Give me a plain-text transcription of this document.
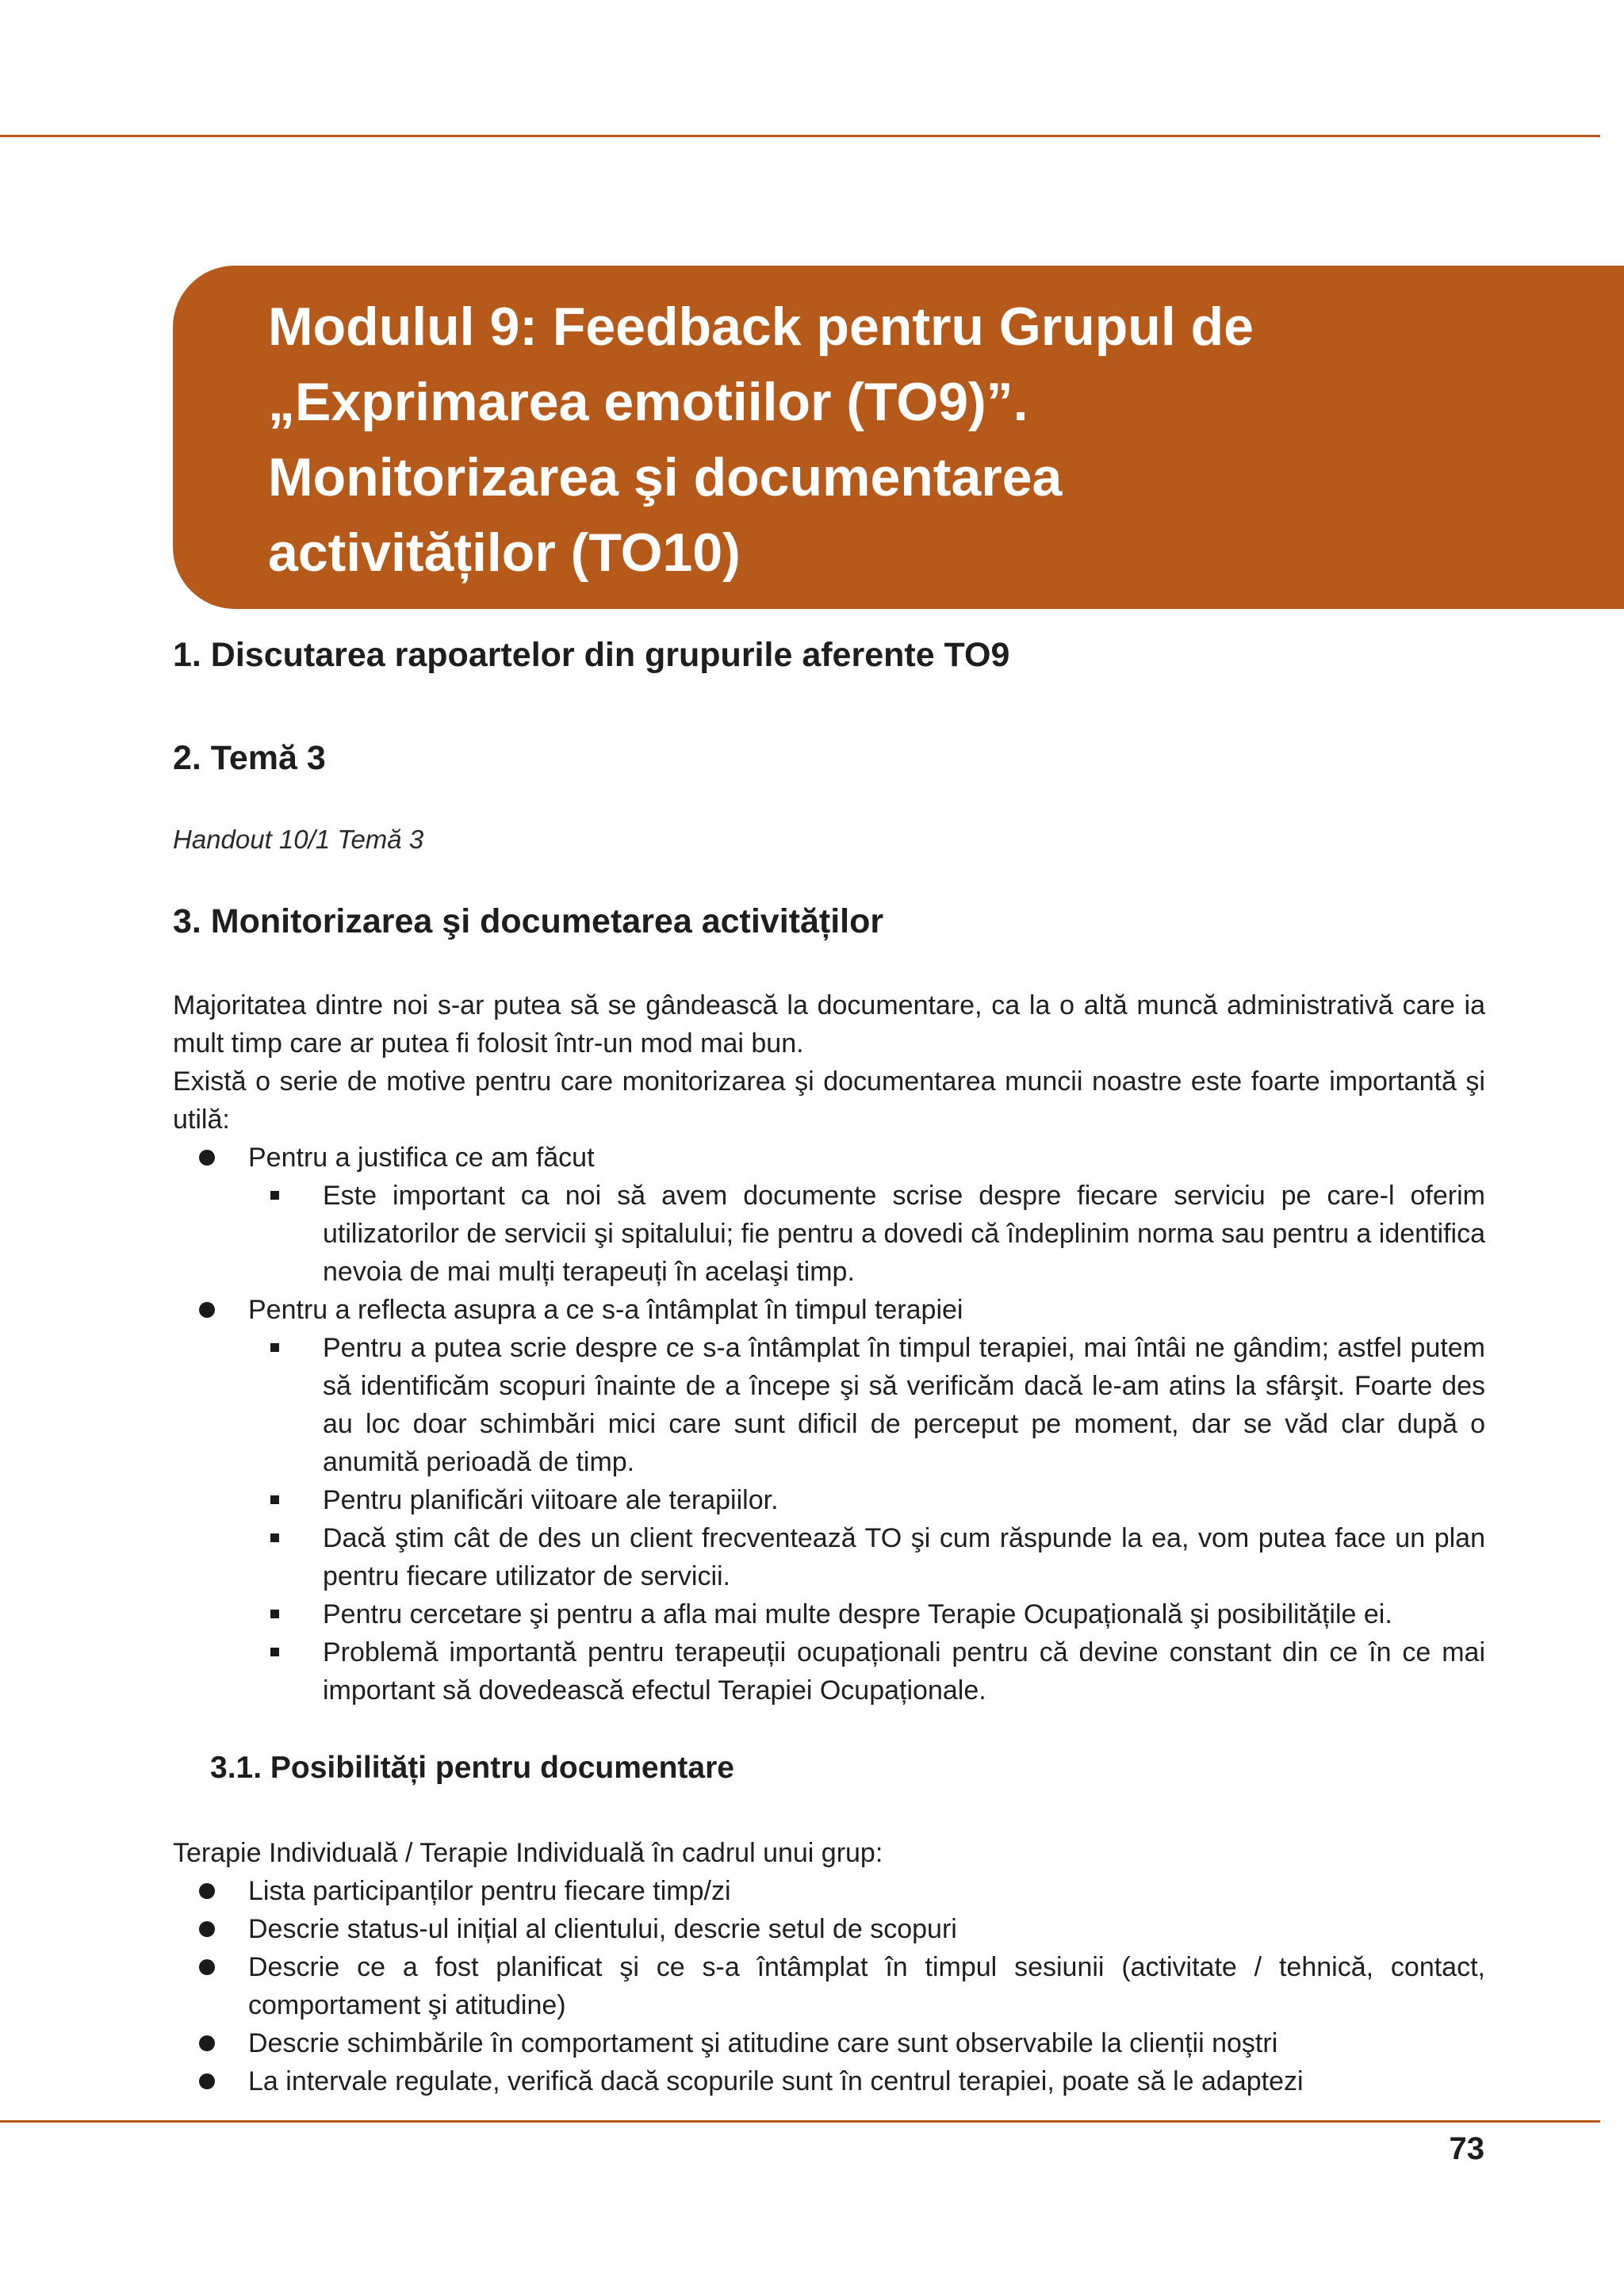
Modulul 9: Feedback pentru Grupul de
„Exprimarea emotiilor (TO9)”.
Monitorizarea şi documentarea
activităților (TO10)
1. Discutarea rapoartelor din grupurile aferente TO9
2. Temă 3

Handout 10/1 Temă 3

3. Monitorizarea şi documetarea activităților

Majoritatea dintre noi s-ar putea să se gândească la documentare, ca la o altă muncă administrativă care ia mult timp care ar putea fi folosit într-un mod mai bun.

Există o serie de motive pentru care monitorizarea şi documentarea muncii noastre este foarte importantă şi utilă:

Pentru a justifica ce am făcut
Este important ca noi să avem documente scrise despre fiecare serviciu pe care-l oferim utilizatorilor de servicii şi spitalului; fie pentru a dovedi că îndeplinim norma sau pentru a identifica nevoia de mai mulți terapeuți în acelaşi timp.
Pentru a reflecta asupra a ce s-a întâmplat în timpul terapiei
Pentru a putea scrie despre ce s-a întâmplat în timpul terapiei, mai întâi ne gândim; astfel putem să identificăm scopuri înainte de a începe şi să verificăm dacă le-am atins la sfârşit. Foarte des au loc doar schimbări mici care sunt dificil de perceput pe moment, dar se văd clar după o anumită perioadă de timp.
Pentru planificări viitoare ale terapiilor.
Dacă ştim cât de des un client frecventează TO şi cum răspunde la ea, vom putea face un plan pentru fiecare utilizator de servicii.
Pentru cercetare şi pentru a afla mai multe despre Terapie Ocupațională şi posibilitățile ei.
Problemă importantă pentru terapeuții ocupaționali pentru că devine constant din ce în ce mai important să dovedească efectul Terapiei Ocupaționale.
3.1. Posibilități pentru documentare

Terapie Individuală / Terapie Individuală în cadrul unui grup:

Lista participanților pentru fiecare timp/zi
Descrie status-ul inițial al clientului, descrie setul de scopuri
Descrie ce a fost planificat şi ce s-a întâmplat în timpul sesiunii (activitate / tehnică, contact, comportament şi atitudine)
Descrie schimbările în comportament şi atitudine care sunt observabile la clienții noştri
La intervale regulate, verifică dacă scopurile sunt în centrul terapiei, poate să le adaptezi
73
